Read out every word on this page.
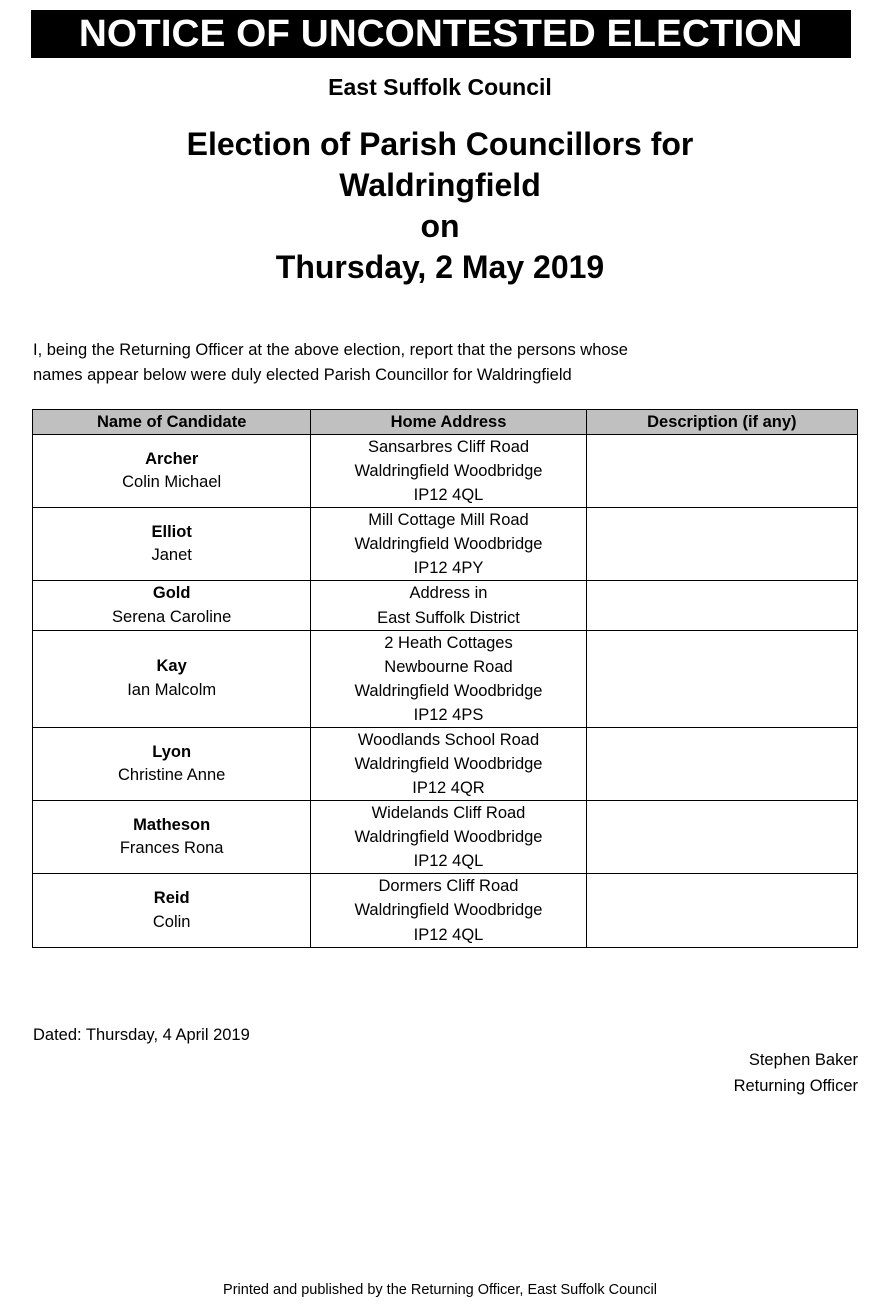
NOTICE OF UNCONTESTED ELECTION
East Suffolk Council
Election of Parish Councillors for
Waldringfield
on
Thursday, 2 May 2019
I, being the Returning Officer at the above election, report that the persons whose
names appear below were duly elected Parish Councillor for Waldringfield
Name of Candidate	Home Address	Description (if any)

Archer
Colin Michael	Sansarbres Cliff Road
Waldringfield Woodbridge
IP12 4QL	

Elliot
Janet	Mill Cottage Mill Road
Waldringfield Woodbridge
IP12 4PY	

Gold
Serena Caroline	Address in
East Suffolk District	

Kay
Ian Malcolm	2 Heath Cottages
Newbourne Road
Waldringfield Woodbridge
IP12 4PS	

Lyon
Christine Anne	Woodlands School Road
Waldringfield Woodbridge
IP12 4QR	

Matheson
Frances Rona	Widelands Cliff Road
Waldringfield Woodbridge
IP12 4QL	

Reid
Colin	Dormers Cliff Road
Waldringfield Woodbridge
IP12 4QL	

Dated: Thursday, 4 April 2019
Stephen Baker
Returning Officer
Printed and published by the Returning Officer, East Suffolk Council
